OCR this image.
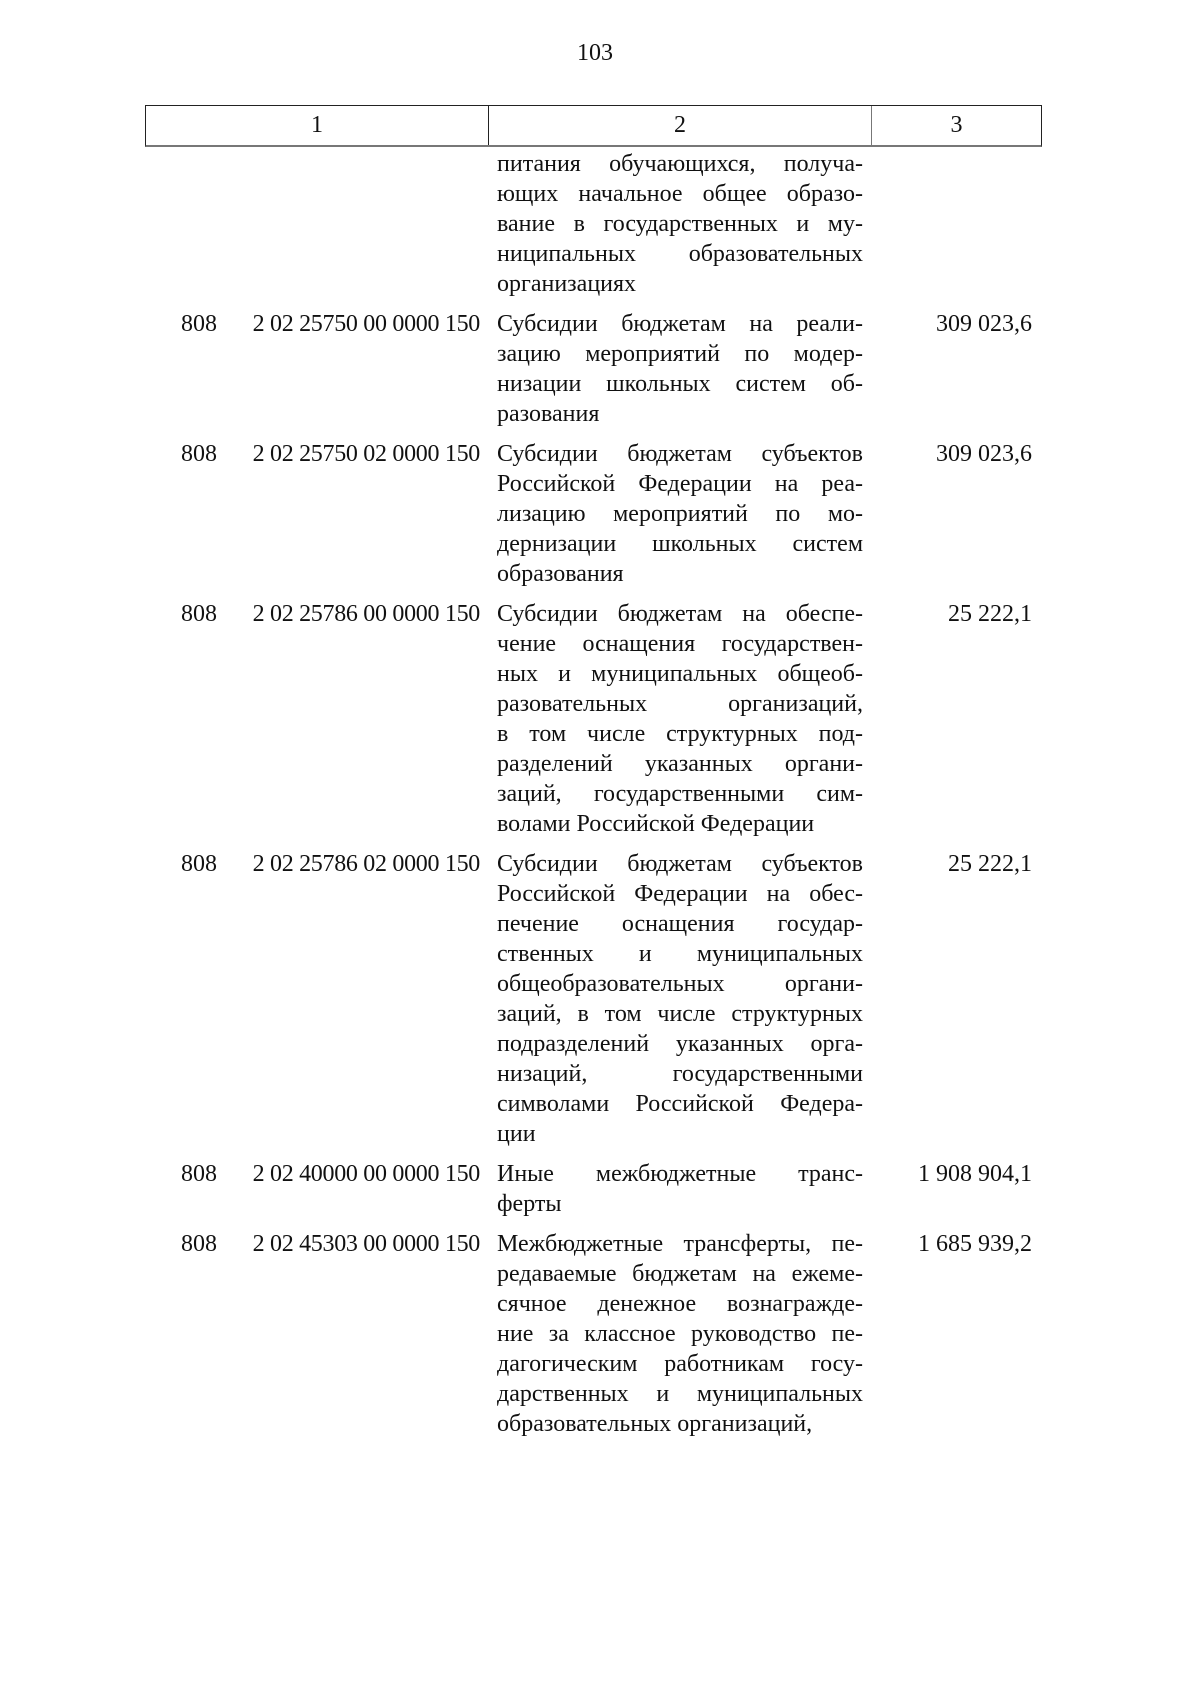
103
1	2	3
питания обучающихся, получа-
ющих начальное общее образо-
вание в государственных и му-
ниципальных образовательных
организациях
808	2 02 25750 00 0000 150 Субсидии бюджетам на реали-
зацию мероприятий по модер-
низации школьных систем об-
разования
309 023,6
808	2 02 25750 02 0000 150 Субсидии бюджетам субъектов
Российской Федерации на реа-
лизацию мероприятий по мо-
дернизации школьных систем
образования
309 023,6
808	2 02 25786 00 0000 150 Субсидии бюджетам на обеспе-
чение оснащения государствен-
ных и муниципальных общеоб-
разовательных организаций,
в том числе структурных под-
разделений указанных органи-
заций, государственными сим-
волами Российской Федерации
25 222,1
808	2 02 25786 02 0000 150 Субсидии бюджетам субъектов
Российской Федерации на обес-
печение оснащения государ-
ственных и муниципальных
общеобразовательных органи-
заций, в том числе структурных
подразделений указанных орга-
низаций, государственными
символами Российской Федера-
ции
25 222,1
808	2 02 40000 00 0000 150 Иные межбюджетные транс-
ферты
1 908 904,1
808	2 02 45303 00 0000 150 Межбюджетные трансферты, пе-
редаваемые бюджетам на ежеме-
сячное денежное вознагражде-
ние за классное руководство пе-
дагогическим работникам госу-
дарственных и муниципальных
образовательных организаций,
1 685 939,2
